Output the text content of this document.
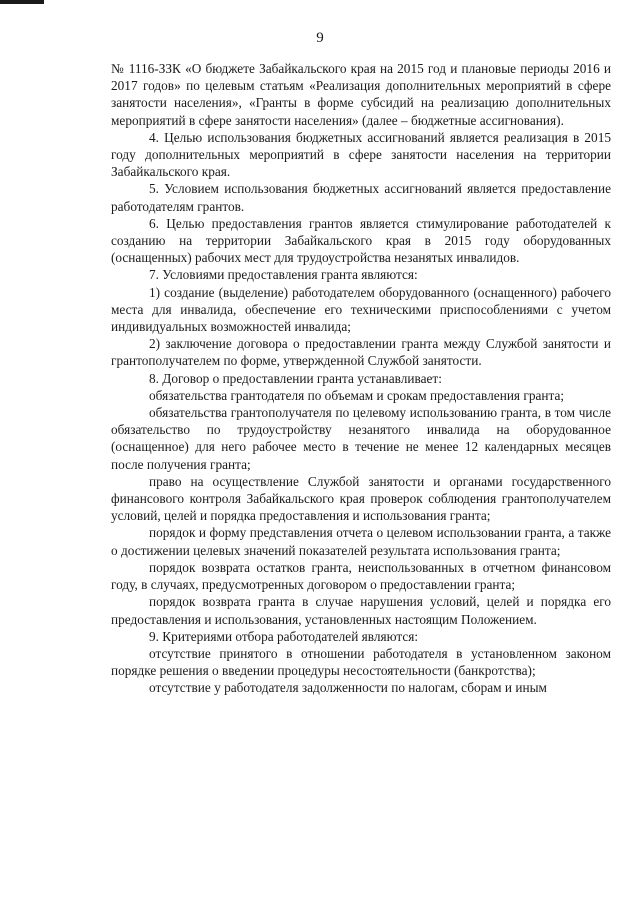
9

№ 1116-ЗЗК «О бюджете Забайкальского края на 2015 год и плановые периоды 2016 и 2017 годов» по целевым статьям «Реализация дополнительных мероприятий в сфере занятости населения», «Гранты в форме субсидий на реализацию дополнительных мероприятий в сфере занятости населения» (далее – бюджетные ассигнования).

4. Целью использования бюджетных ассигнований является реализация в 2015 году дополнительных мероприятий в сфере занятости населения на территории Забайкальского края.

5. Условием использования бюджетных ассигнований является предоставление работодателям грантов.

6. Целью предоставления грантов является стимулирование работодателей к созданию на территории Забайкальского края в 2015 году оборудованных (оснащенных) рабочих мест для трудоустройства незанятых инвалидов.

7. Условиями предоставления гранта являются:

1) создание (выделение) работодателем оборудованного (оснащенного) рабочего места для инвалида, обеспечение его техническими приспособлениями с учетом индивидуальных возможностей инвалида;

2) заключение договора о предоставлении гранта между Службой занятости и грантополучателем по форме, утвержденной Службой занятости.

8. Договор о предоставлении гранта устанавливает:

обязательства грантодателя по объемам и срокам предоставления гранта;

обязательства грантополучателя по целевому использованию гранта, в том числе обязательство по трудоустройству незанятого инвалида на оборудованное (оснащенное) для него рабочее место в течение не менее 12 календарных месяцев после получения гранта;

право на осуществление Службой занятости и органами государственного финансового контроля Забайкальского края проверок соблюдения грантополучателем условий, целей и порядка предоставления и использования гранта;

порядок и форму представления отчета о целевом использовании гранта, а также о достижении целевых значений показателей результата использования гранта;

порядок возврата остатков гранта, неиспользованных в отчетном финансовом году, в случаях, предусмотренных договором о предоставлении гранта;

порядок возврата гранта в случае нарушения условий, целей и порядка его предоставления и использования, установленных настоящим Положением.

9. Критериями отбора работодателей являются:

отсутствие принятого в отношении работодателя в установленном законом порядке решения о введении процедуры несостоятельности (банкротства);

отсутствие у работодателя задолженности по налогам, сборам и иным
